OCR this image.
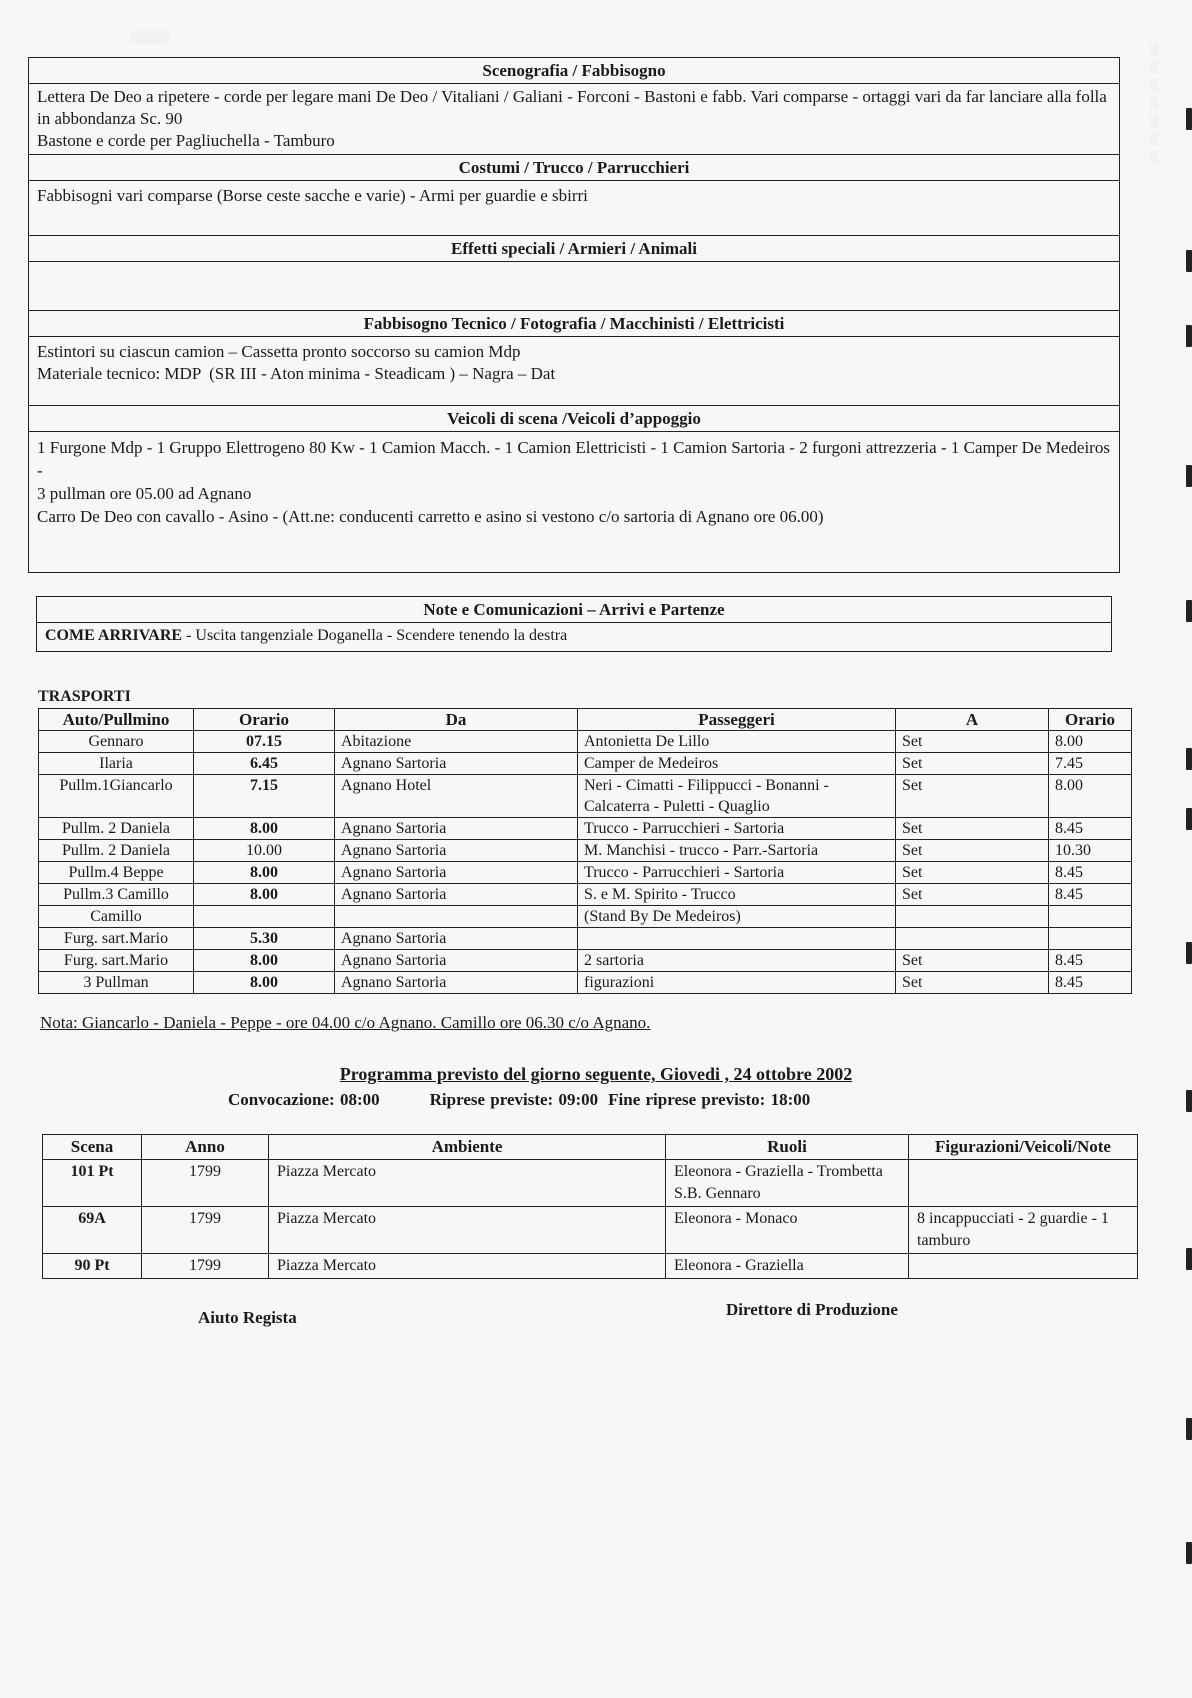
░░░░░
░
░
░
░
░
░
░
Scenografia / Fabbisogno
Lettera De Deo a ripetere - corde per legare mani De Deo / Vitaliani / Galiani - Forconi - Bastoni e fabb. Vari comparse - ortaggi vari da far lanciare alla folla in abbondanza Sc. 90
Bastone e corde per Pagliuchella - Tamburo
Costumi / Trucco / Parrucchieri
Fabbisogni vari comparse (Borse ceste sacche e varie) - Armi per guardie e sbirri
Effetti speciali / Armieri / Animali
Fabbisogno Tecnico / Fotografia / Macchinisti / Elettricisti
Estintori su ciascun camion – Cassetta pronto soccorso su camion Mdp
Materiale tecnico: MDP  (SR III - Aton minima - Steadicam ) – Nagra – Dat
Veicoli di scena /Veicoli d’appoggio
1 Furgone Mdp - 1 Gruppo Elettrogeno 80 Kw - 1 Camion Macch. - 1 Camion Elettricisti - 1 Camion Sartoria - 2 furgoni attrezzeria - 1 Camper De Medeiros -
3 pullman ore 05.00 ad Agnano
Carro De Deo con cavallo - Asino - (Att.ne: conducenti carretto e asino si vestono c/o sartoria di Agnano ore 06.00)
Note e Comunicazioni – Arrivi e Partenze
COME ARRIVARE - Uscita tangenziale Doganella - Scendere tenendo la destra
TRASPORTI
Auto/Pullmino	Orario	Da	Passeggeri	A	Orario
Gennaro	07.15	Abitazione	Antonietta De Lillo	Set	8.00
Ilaria	6.45	Agnano Sartoria	Camper de Medeiros	Set	7.45
Pullm.1Giancarlo	7.15	Agnano Hotel	Neri - Cimatti - Filippucci - Bonanni - Calcaterra - Puletti - Quaglio	Set	8.00
Pullm. 2 Daniela	8.00	Agnano Sartoria	Trucco - Parrucchieri - Sartoria	Set	8.45
Pullm. 2 Daniela	10.00	Agnano Sartoria	M. Manchisi - trucco - Parr.-Sartoria	Set	10.30
Pullm.4 Beppe	8.00	Agnano Sartoria	Trucco - Parrucchieri - Sartoria	Set	8.45
Pullm.3 Camillo	8.00	Agnano Sartoria	S. e M. Spirito - Trucco	Set	8.45
Camillo			(Stand By De Medeiros)		
Furg. sart.Mario	5.30	Agnano Sartoria			
Furg. sart.Mario	8.00	Agnano Sartoria	2 sartoria	Set	8.45
3 Pullman	8.00	Agnano Sartoria	figurazioni	Set	8.45
Nota: Giancarlo - Daniela - Peppe - ore 04.00 c/o Agnano. Camillo ore 06.30 c/o Agnano.
Programma previsto del giorno seguente, Giovedi , 24 ottobre 2002
Convocazione: 08:00	Riprese previste: 09:00 Fine riprese previsto: 18:00
Scena	Anno	Ambiente	Ruoli	Figurazioni/Veicoli/Note
101 Pt	1799	Piazza Mercato	Eleonora - Graziella - Trombetta S.B. Gennaro	
69A	1799	Piazza Mercato	Eleonora - Monaco	8 incappucciati - 2 guardie - 1 tamburo
90 Pt	1799	Piazza Mercato	Eleonora - Graziella	
Aiuto Regista	Direttore di Produzione
